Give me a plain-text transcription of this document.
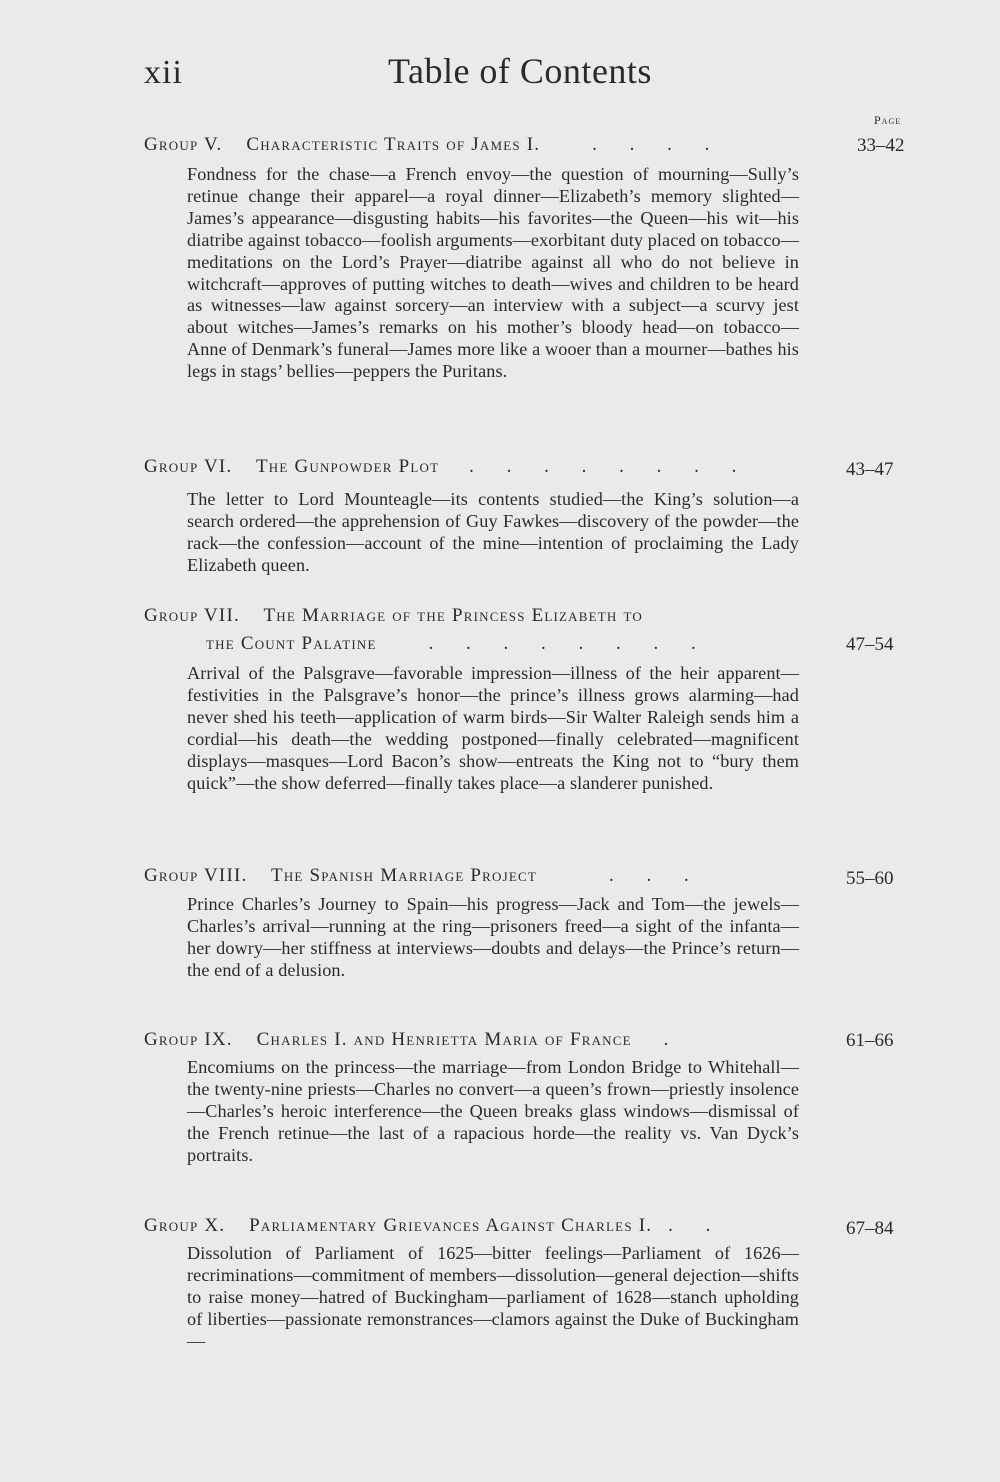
xii	Table of Contents
Page
Group V. Characteristic Traits of James I.	. . . .	33–42
Fondness for the chase—a French envoy—the question of mourning—Sully’s retinue change their apparel—a royal dinner—Elizabeth’s memory slighted—James’s appearance—disgusting habits—his favorites—the Queen—his wit—his diatribe against tobacco—foolish arguments—exorbitant duty placed on tobacco—meditations on the Lord’s Prayer—diatribe against all who do not believe in witchcraft—approves of putting witches to death—wives and children to be heard as witnesses—law against sorcery—an interview with a subject—a scurvy jest about witches—James’s remarks on his mother’s bloody head—on tobacco—Anne of Denmark’s funeral—James more like a wooer than a mourner—bathes his legs in stags’ bellies—peppers the Puritans.
Group VI. The Gunpowder Plot . . . . . . . .	43–47
The letter to Lord Mounteagle—its contents studied—the King’s solution—a search ordered—the apprehension of Guy Fawkes—discovery of the powder—the rack—the confession—account of the mine—intention of proclaiming the Lady Elizabeth queen.
Group VII. The Marriage of the Princess Elizabeth to
the Count Palatine	. . . . . . . .	47–54
Arrival of the Palsgrave—favorable impression—illness of the heir apparent—festivities in the Palsgrave’s honor—the prince’s illness grows alarming—had never shed his teeth—application of warm birds—Sir Walter Raleigh sends him a cordial—his death—the wedding postponed—finally celebrated—magnificent displays—masques—Lord Bacon’s show—entreats the King not to “bury them quick”—the show deferred—finally takes place—a slanderer punished.
Group VIII. The Spanish Marriage Project	. . .	55–60
Prince Charles’s Journey to Spain—his progress—Jack and Tom—the jewels—Charles’s arrival—running at the ring—prisoners freed—a sight of the infanta—her dowry—her stiffness at interviews—doubts and delays—the Prince’s return—the end of a delusion.
Group IX. Charles I. and Henrietta Maria of France .	61–66
Encomiums on the princess—the marriage—from London Bridge to Whitehall—the twenty-nine priests—Charles no convert—a queen’s frown—priestly insolence—Charles’s heroic interference—the Queen breaks glass windows—dismissal of the French retinue—the last of a rapacious horde—the reality vs. Van Dyck’s portraits.
Group X. Parliamentary Grievances Against Charles I. . .	67–84
Dissolution of Parliament of 1625—bitter feelings—Parliament of 1626—recriminations—commitment of members—dissolution—general dejection—shifts to raise money—hatred of Buckingham—parliament of 1628—stanch upholding of liberties—passionate remonstrances—clamors against the Duke of Buckingham—
